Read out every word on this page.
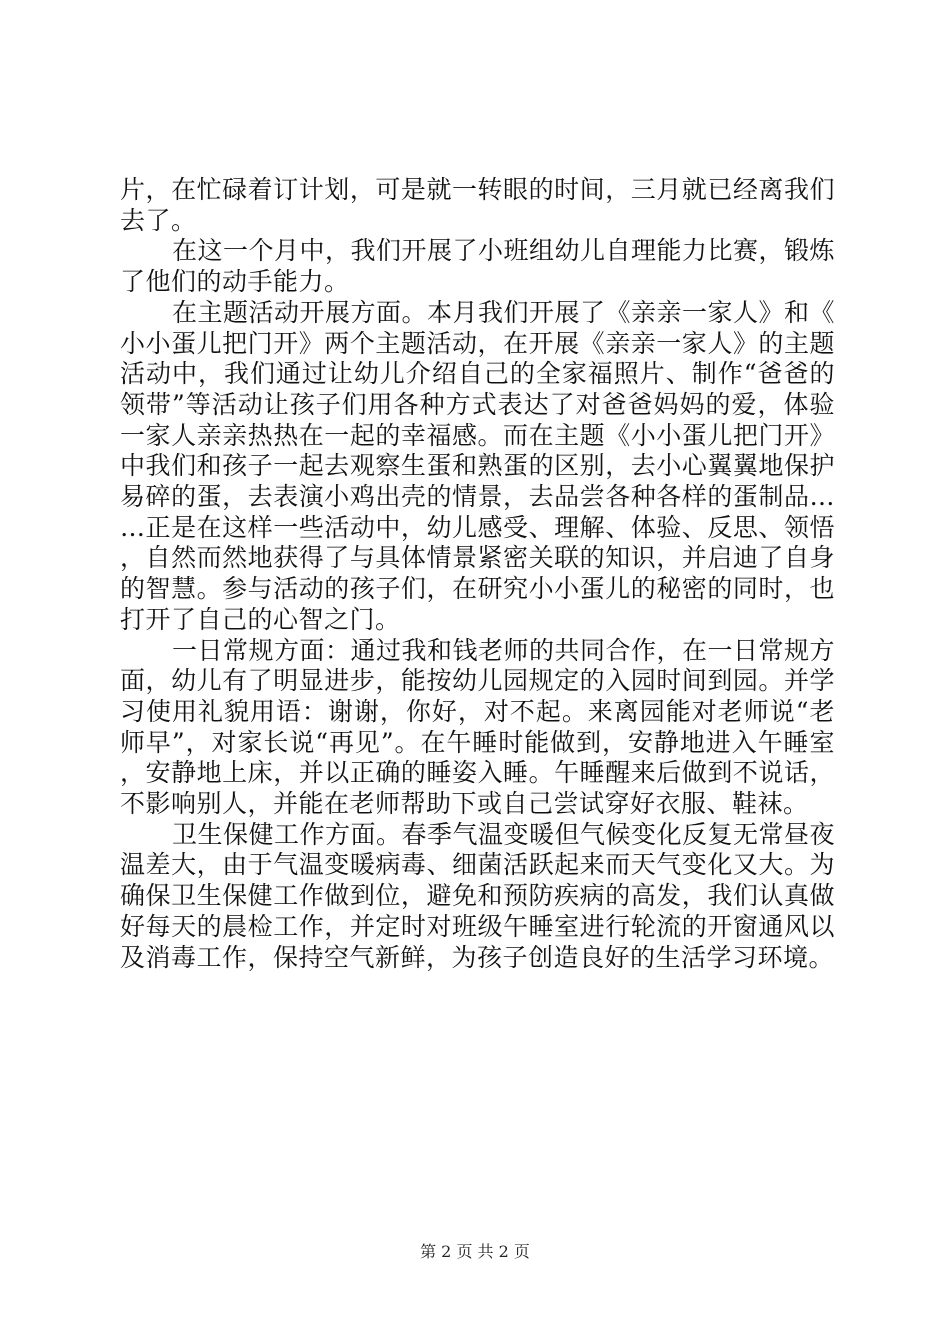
片，在忙碌着订计划，可是就一转眼的时间，三月就已经离我们去了。

在这一个月中，我们开展了小班组幼儿自理能力比赛，锻炼了他们的动手能力。

在主题活动开展方面。本月我们开展了《亲亲一家人》和《小小蛋儿把门开》两个主题活动，在开展《亲亲一家人》的主题活动中，我们通过让幼儿介绍自己的全家福照片、制作“爸爸的领带”等活动让孩子们用各种方式表达了对爸爸妈妈的爱，体验一家人亲亲热热在一起的幸福感。而在主题《小小蛋儿把门开》中我们和孩子一起去观察生蛋和熟蛋的区别，去小心翼翼地保护易碎的蛋，去表演小鸡出壳的情景，去品尝各种各样的蛋制品……正是在这样一些活动中，幼儿感受、理解、体验、反思、领悟，自然而然地获得了与具体情景紧密关联的知识，并启迪了自身的智慧。参与活动的孩子们，在研究小小蛋儿的秘密的同时，也打开了自己的心智之门。

一日常规方面：通过我和钱老师的共同合作，在一日常规方面，幼儿有了明显进步，能按幼儿园规定的入园时间到园。并学习使用礼貌用语：谢谢，你好，对不起。来离园能对老师说“老师早”，对家长说“再见”。在午睡时能做到，安静地进入午睡室，安静地上床，并以正确的睡姿入睡。午睡醒来后做到不说话，不影响别人，并能在老师帮助下或自己尝试穿好衣服、鞋袜。

卫生保健工作方面。春季气温变暖但气候变化反复无常昼夜温差大，由于气温变暖病毒、细菌活跃起来而天气变化又大。为确保卫生保健工作做到位，避免和预防疾病的高发，我们认真做好每天的晨检工作，并定时对班级午睡室进行轮流的开窗通风以及消毒工作，保持空气新鲜，为孩子创造良好的生活学习环境。

第 2 页 共 2 页
